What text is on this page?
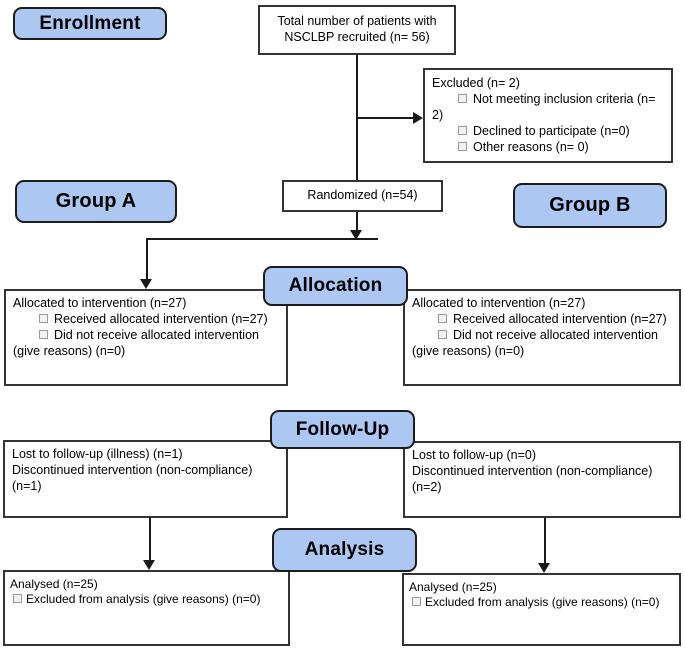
Enrollment
Group A	Group B
Allocation
Follow-Up
Analysis
Total number of patients with NSCLBP recruited (n= 56)
Excluded (n= 2)
Not meeting inclusion criteria (n= 2)
Declined to participate (n=0)
Other reasons (n= 0)
Randomized (n=54)
Allocated to intervention (n=27)
Received allocated intervention (n=27)
Did not receive allocated intervention (give reasons) (n=0)
Allocated to intervention (n=27)
Received allocated intervention (n=27)
Did not receive allocated intervention (give reasons) (n=0)
Lost to follow-up (illness) (n=1)
Discontinued intervention (non-compliance) (n=1)
Lost to follow-up (n=0)
Discontinued intervention (non-compliance) (n=2)
Analysed (n=25)
Excluded from analysis (give reasons) (n=0)
Analysed (n=25)
Excluded from analysis (give reasons) (n=0)
